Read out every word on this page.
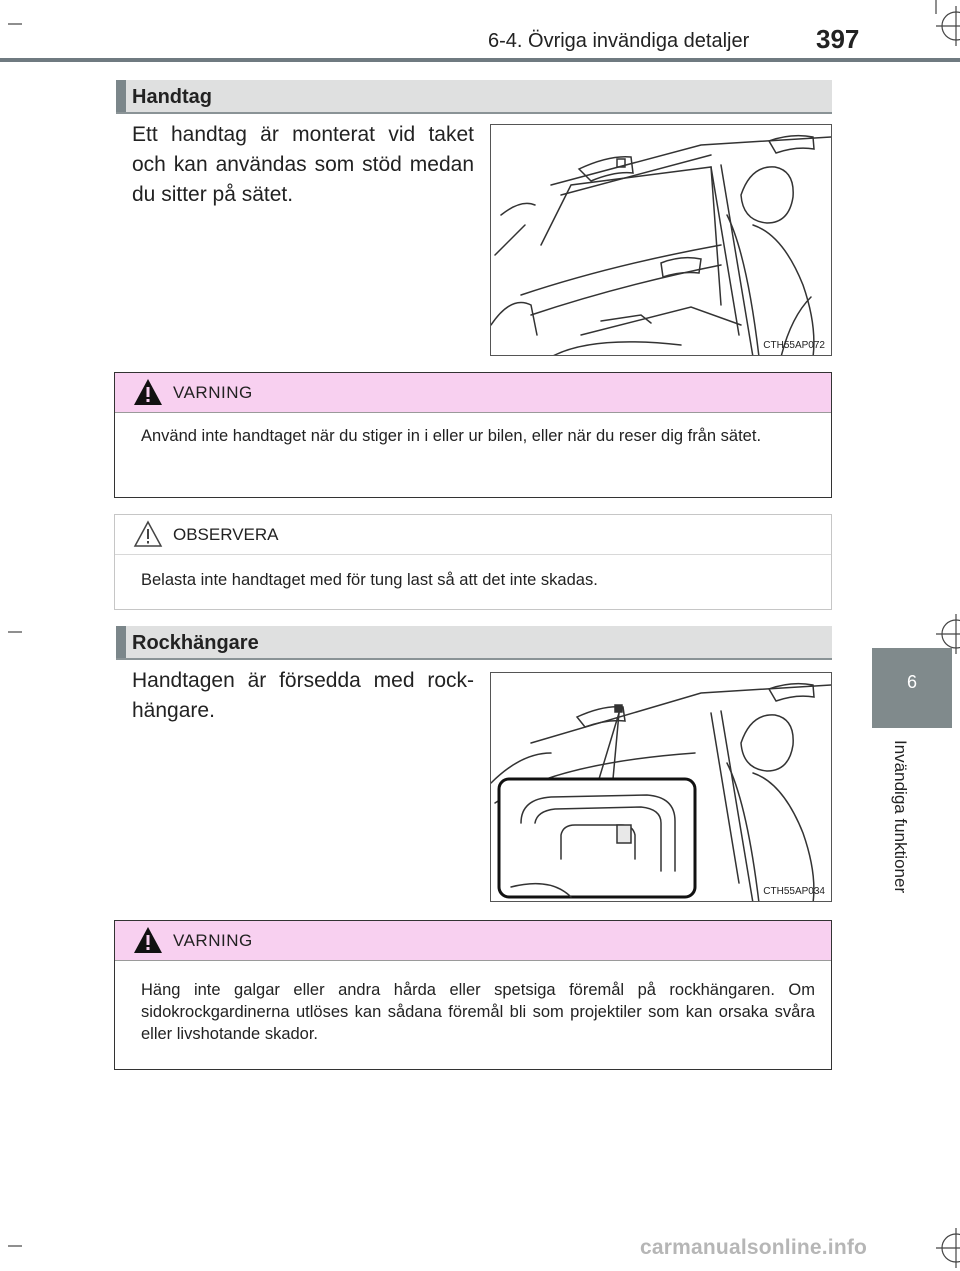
6-4. Övriga invändiga detaljer	397
6
Invändiga funktioner
Handtag
Ett handtag är monterat vid taket och kan användas som stöd medan du sitter på sätet.
CTH55AP072
VARNING
Använd inte handtaget när du stiger in i eller ur bilen, eller när du reser dig från sätet.
OBSERVERA
Belasta inte handtaget med för tung last så att det inte skadas.
Rockhängare
Handtagen är försedda med rock-hängare.
CTH55AP034
VARNING
Häng inte galgar eller andra hårda eller spetsiga föremål på rockhängaren. Om sidokrockgardinerna utlöses kan sådana föremål bli som projektiler som kan orsaka svåra eller livshotande skador.
carmanualsonline.info
